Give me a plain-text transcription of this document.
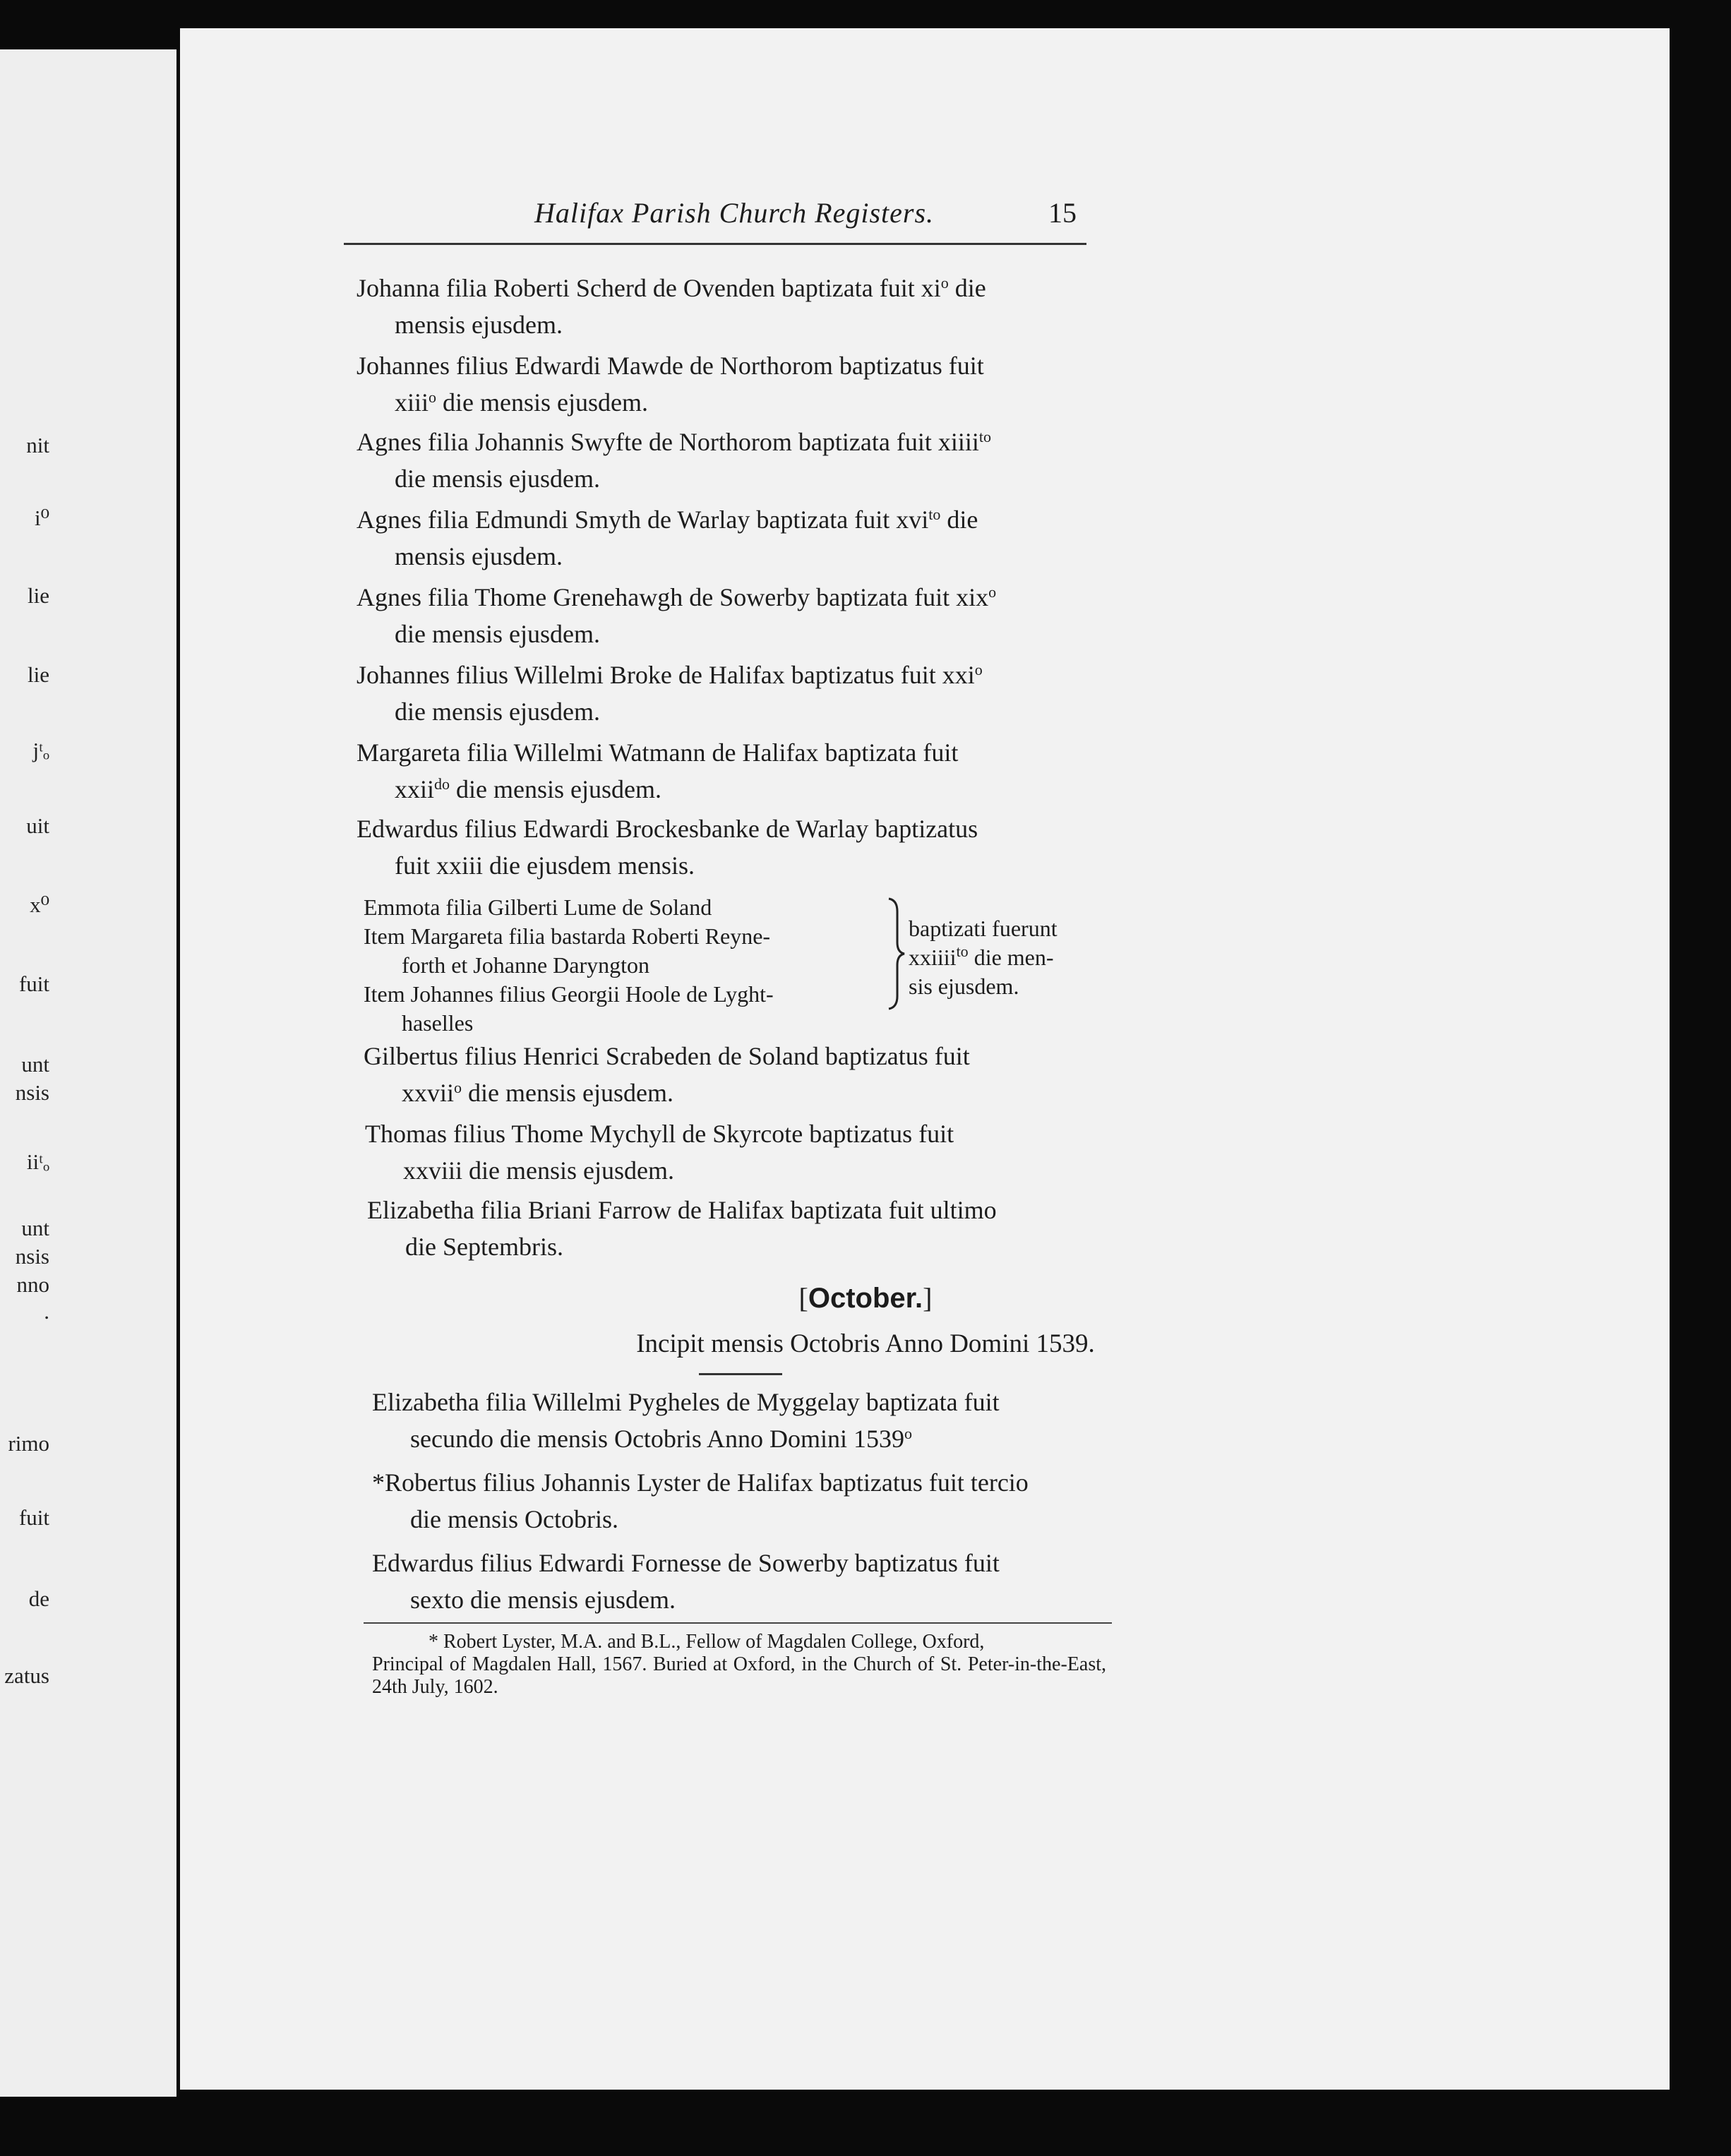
nit
i⁰
lie
lie
jᵗₒ
uit
x⁰
fuit
unt
nsis
iiᵗₒ
unt
nsis
nno
.
rimo
fuit
de
zatus
Halifax Parish Church Registers.	15
Johanna filia Roberti Scherd de Ovenden baptizata fuit $xi^o$ die
mensis ejusdem.
Johannes filius Edwardi Mawde de Northorom baptizatus fuit
xiii$^o$ die mensis ejusdem.
Agnes filia Johannis Swyfte de Northorom baptizata fuit xiiii$^{to}$
die mensis ejusdem.
Agnes filia Edmundi Smyth de Warlay baptizata fuit xvi$^{to}$ die
mensis ejusdem.
Agnes filia Thome Grenehawgh de Sowerby baptizata fuit xix$^o$
die mensis ejusdem.
Johannes filius Willelmi Broke de Halifax baptizatus fuit xxi$^o$
die mensis ejusdem.
Margareta filia Willelmi Watmann de Halifax baptizata fuit
xxii$^{do}$ die mensis ejusdem.
Edwardus filius Edwardi Brockesbanke de Warlay baptizatus
fuit xxiii die ejusdem mensis.
Emmota filia Gilberti Lume de Soland
Item Margareta filia bastarda Roberti Reyne-
forth et Johanne Daryngton
Item Johannes filius Georgii Hoole de Lyght-
haselles
baptizati fuerunt
xxiiii$^{to}$ die men-
sis ejusdem.
Gilbertus filius Henrici Scrabeden de Soland baptizatus fuit
xxvii$^o$ die mensis ejusdem.
Thomas filius Thome Mychyll de Skyrcote baptizatus fuit
xxviii die mensis ejusdem.
Elizabetha filia Briani Farrow de Halifax baptizata fuit ultimo
die Septembris.
[October.]
Incipit mensis Octobris Anno Domini 1539.
Elizabetha filia Willelmi Pygheles de Myggelay baptizata fuit
secundo die mensis Octobris Anno Domini 1539$^o$
*Robertus filius Johannis Lyster de Halifax baptizatus fuit tercio
die mensis Octobris.
Edwardus filius Edwardi Fornesse de Sowerby baptizatus fuit
sexto die mensis ejusdem.
* Robert Lyster, M.A. and B.L., Fellow of Magdalen College, Oxford,
Principal of Magdalen Hall, 1567. Buried at Oxford, in the Church of St. Peter-in-the-East, 24th July, 1602.
